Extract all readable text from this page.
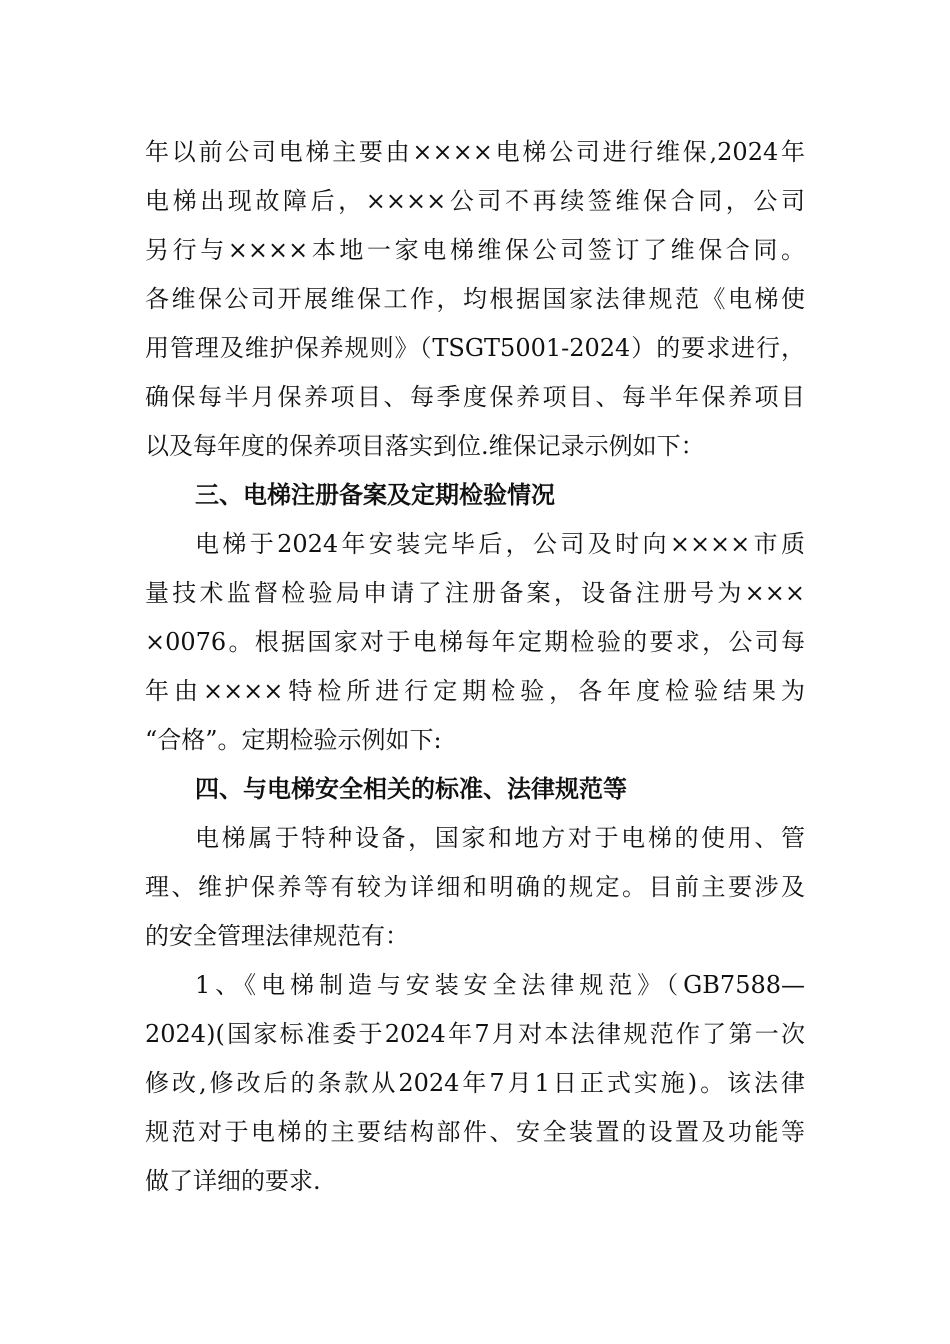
年以前公司电梯主要由××××电梯公司进行维保,2024年
电梯出现故障后，××××公司不再续签维保合同，公司
另行与××××本地一家电梯维保公司签订了维保合同。
各维保公司开展维保工作，均根据国家法律规范《电梯使
用管理及维护保养规则》（TSGT5001-2024）的要求进行，
确保每半月保养项目、每季度保养项目、每半年保养项目
以及每年度的保养项目落实到位.维保记录示例如下：
三、电梯注册备案及定期检验情况
电梯于2024年安装完毕后，公司及时向××××市质
量技术监督检验局申请了注册备案，设备注册号为×××
×0076。根据国家对于电梯每年定期检验的要求，公司每
年由××××特检所进行定期检验，各年度检验结果为
“合格”。定期检验示例如下:
四、与电梯安全相关的标准、法律规范等
电梯属于特种设备，国家和地方对于电梯的使用、管
理、维护保养等有较为详细和明确的规定。目前主要涉及
的安全管理法律规范有：
1、《电梯制造与安装安全法律规范》（GB7588—
2024)(国家标准委于2024年7月对本法律规范作了第一次
修改,修改后的条款从2024年7月1日正式实施)。该法律
规范对于电梯的主要结构部件、安全装置的设置及功能等
做了详细的要求.
